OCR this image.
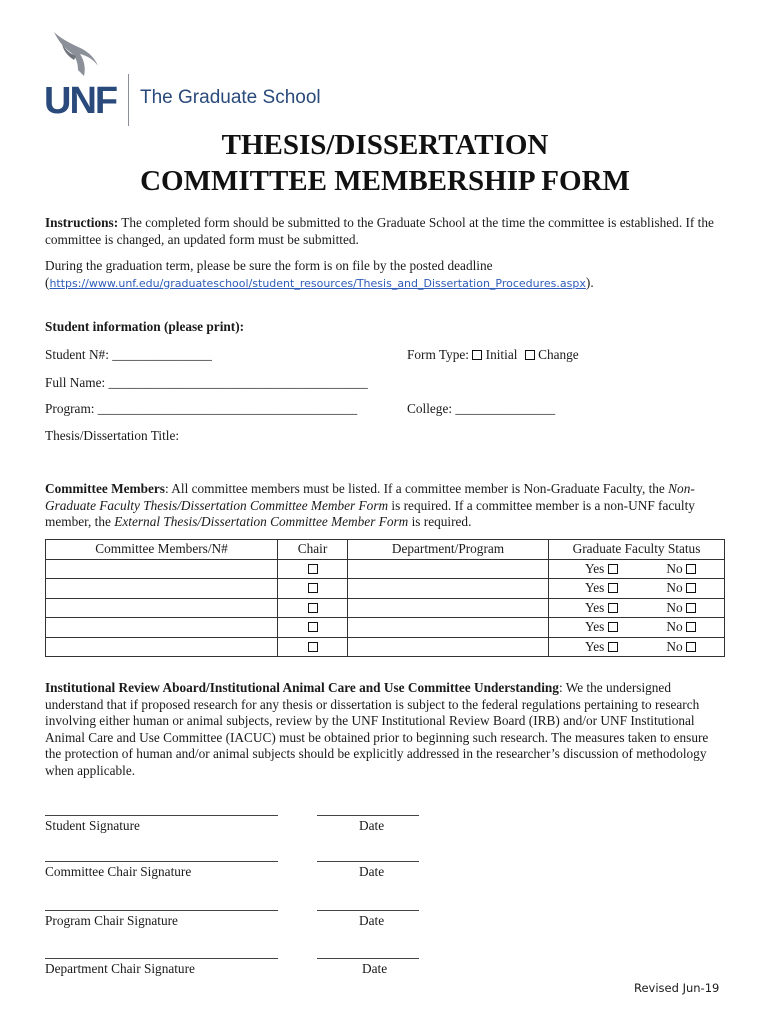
UNF The Graduate School
THESIS/DISSERTATION
COMMITTEE MEMBERSHIP FORM
Instructions: The completed form should be submitted to the Graduate School at the time the committee is established. If the committee is changed, an updated form must be submitted.
During the graduation term, please be sure the form is on file by the posted deadline (https://www.unf.edu/graduateschool/student_resources/Thesis_and_Dissertation_Procedures.aspx).
Student information (please print):
Student N#: _______________	Form Type: Initial Change
Full Name: _______________________________________
Program: _______________________________________	College: _______________
Thesis/Dissertation Title:
Committee Members: All committee members must be listed. If a committee member is Non-Graduate Faculty, the Non-Graduate Faculty Thesis/Dissertation Committee Member Form is required. If a committee member is a non-UNF faculty member, the External Thesis/Dissertation Committee Member Form is required.
Committee Members/N#	Chair	Department/Program	Graduate Faculty Status

			Yes No

			Yes No

			Yes No

			Yes No

			Yes No
Institutional Review Aboard/Institutional Animal Care and Use Committee Understanding: We the undersigned understand that if proposed research for any thesis or dissertation is subject to the federal regulations pertaining to research involving either human or animal subjects, review by the UNF Institutional Review Board (IRB) and/or UNF Institutional Animal Care and Use Committee (IACUC) must be obtained prior to beginning such research. The measures taken to ensure the protection of human and/or animal subjects should be explicitly addressed in the researcher’s discussion of methodology when applicable.
Student Signature	Date
Committee Chair Signature	Date
Program Chair Signature	Date
Department Chair Signature	Date
Revised Jun-19
